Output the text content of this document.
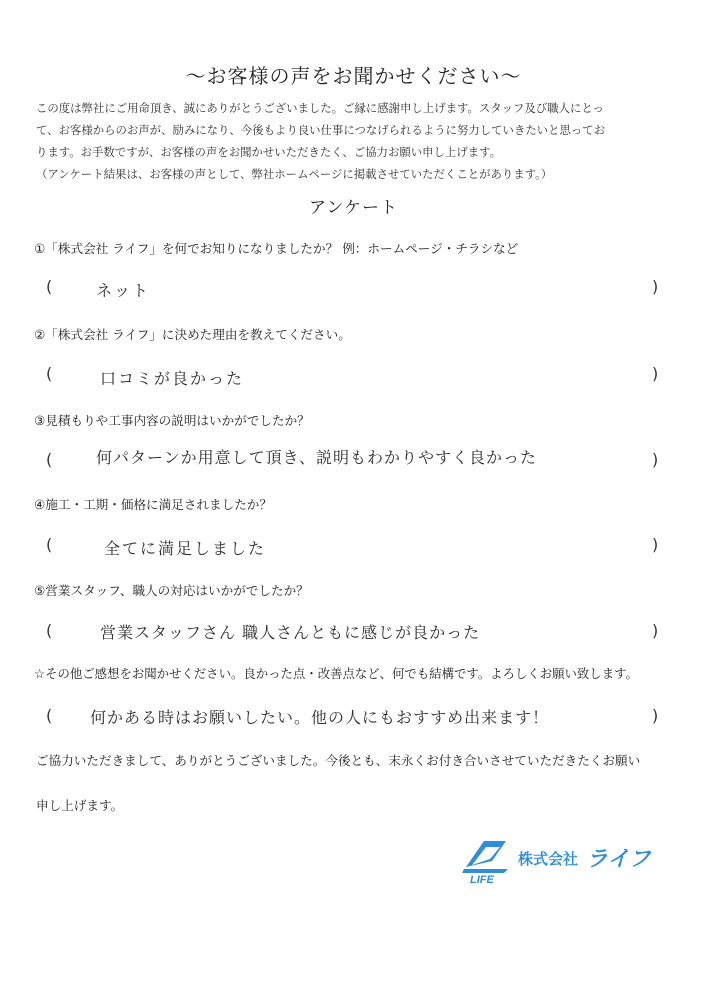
〜お客様の声をお聞かせください〜
この度は弊社にご用命頂き、誠にありがとうございました。ご縁に感謝申し上げます。スタッフ及び職人にとっ
て、お客様からのお声が、励みになり、今後もより良い仕事につなげられるように努力していきたいと思ってお
ります。お手数ですが、お客様の声をお聞かせいただきたく、ご協力お願い申し上げます。
（アンケート結果は、お客様の声として、弊社ホームページに掲載させていただくことがあります。）
アンケート
①「株式会社 ライフ」を何でお知りになりましたか？ 例：ホームページ・チラシなど
(	ネット	)
②「株式会社 ライフ」に決めた理由を教えてください。
(	口コミが良かった	)
③見積もりや工事内容の説明はいかがでしたか？
(	何パターンか用意して頂き、説明もわかりやすく良かった	)
④施工・工期・価格に満足されましたか？
(	全てに満足しました	)
⑤営業スタッフ、職人の対応はいかがでしたか？
(	営業スタッフさん 職人さんともに感じが良かった	)
☆その他ご感想をお聞かせください。良かった点・改善点など、何でも結構です。よろしくお願い致します。
( 何かある時はお願いしたい。他の人にもおすすめ出来ます！	)
ご協力いただきまして、ありがとうございました。今後とも、末永くお付き合いさせていただきたくお願い
申し上げます。
LIFE
株式会社 ライフ
